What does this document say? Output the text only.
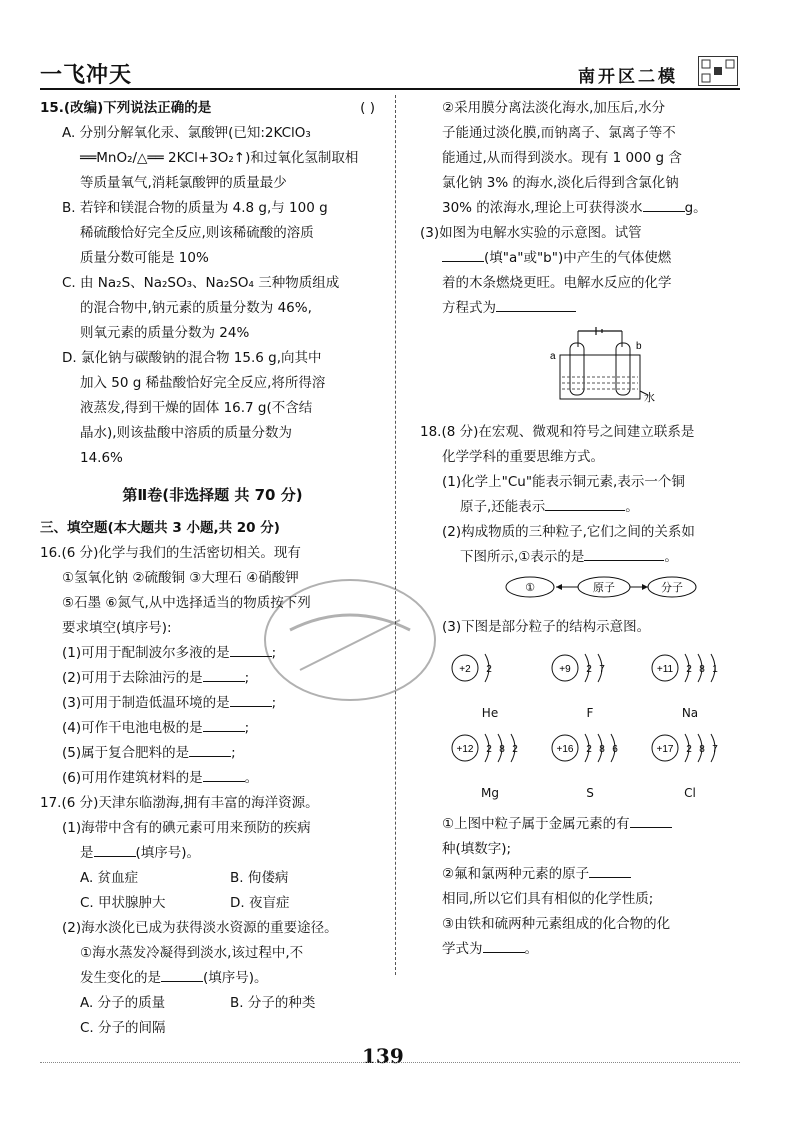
一飞冲天	南开区二模

15.(改编)下列说法正确的是	( )

A. 分别分解氧化汞、氯酸钾(已知:2KClO₃

══MnO₂/△══ 2KCl+3O₂↑)和过氧化氢制取相

等质量氧气,消耗氯酸钾的质量最少

B. 若锌和镁混合物的质量为 4.8 g,与 100 g

稀硫酸恰好完全反应,则该稀硫酸的溶质

质量分数可能是 10%

C. 由 Na₂S、Na₂SO₃、Na₂SO₄ 三种物质组成

的混合物中,钠元素的质量分数为 46%,

则氧元素的质量分数为 24%

D. 氯化钠与碳酸钠的混合物 15.6 g,向其中

加入 50 g 稀盐酸恰好完全反应,将所得溶

液蒸发,得到干燥的固体 16.7 g(不含结

晶水),则该盐酸中溶质的质量分数为

14.6%

第Ⅱ卷(非选择题 共 70 分)

三、填空题(本大题共 3 小题,共 20 分)

16.(6 分)化学与我们的生活密切相关。现有

①氢氧化钠 ②硫酸铜 ③大理石 ④硝酸钾

⑤石墨 ⑥氮气,从中选择适当的物质按下列

要求填空(填序号):

(1)可用于配制波尔多液的是	;

(2)可用于去除油污的是	;

(3)可用于制造低温环境的是	;

(4)可作干电池电极的是	;

(5)属于复合肥料的是	;

(6)可用作建筑材料的是	。

17.(6 分)天津东临渤海,拥有丰富的海洋资源。

(1)海带中含有的碘元素可用来预防的疾病

是	(填序号)。

A. 贫血症	B. 佝偻病

C. 甲状腺肿大	D. 夜盲症

(2)海水淡化已成为获得淡水资源的重要途径。

①海水蒸发冷凝得到淡水,该过程中,不

发生变化的是	(填序号)。

A. 分子的质量	B. 分子的种类

C. 分子的间隔

②采用膜分离法淡化海水,加压后,水分

子能通过淡化膜,而钠离子、氯离子等不

能通过,从而得到淡水。现有 1 000 g 含

氯化钠 3% 的海水,淡化后得到含氯化钠

30% 的浓海水,理论上可获得淡水	g。

(3)如图为电解水实验的示意图。试管

(填"a"或"b")中产生的气体使燃

着的木条燃烧更旺。电解水反应的化学

方程式为

a
b
水

18.(8 分)在宏观、微观和符号之间建立联系是

化学学科的重要思维方式。

(1)化学上"Cu"能表示铜元素,表示一个铜

原子,还能表示	。

(2)构成物质的三种粒子,它们之间的关系如

下图所示,①表示的是	。

①	原子	分子

(3)下图是部分粒子的结构示意图。

+2 2
He
+9 2 7
F
+11 2 8 1
Na
+12 2 8 2
Mg
+16 2 8 6
S
+17 2 8 7
Cl

①上图中粒子属于金属元素的有

种(填数字);

②氟和氯两种元素的原子

相同,所以它们具有相似的化学性质;

③由铁和硫两种元素组成的化合物的化

学式为	。

139
